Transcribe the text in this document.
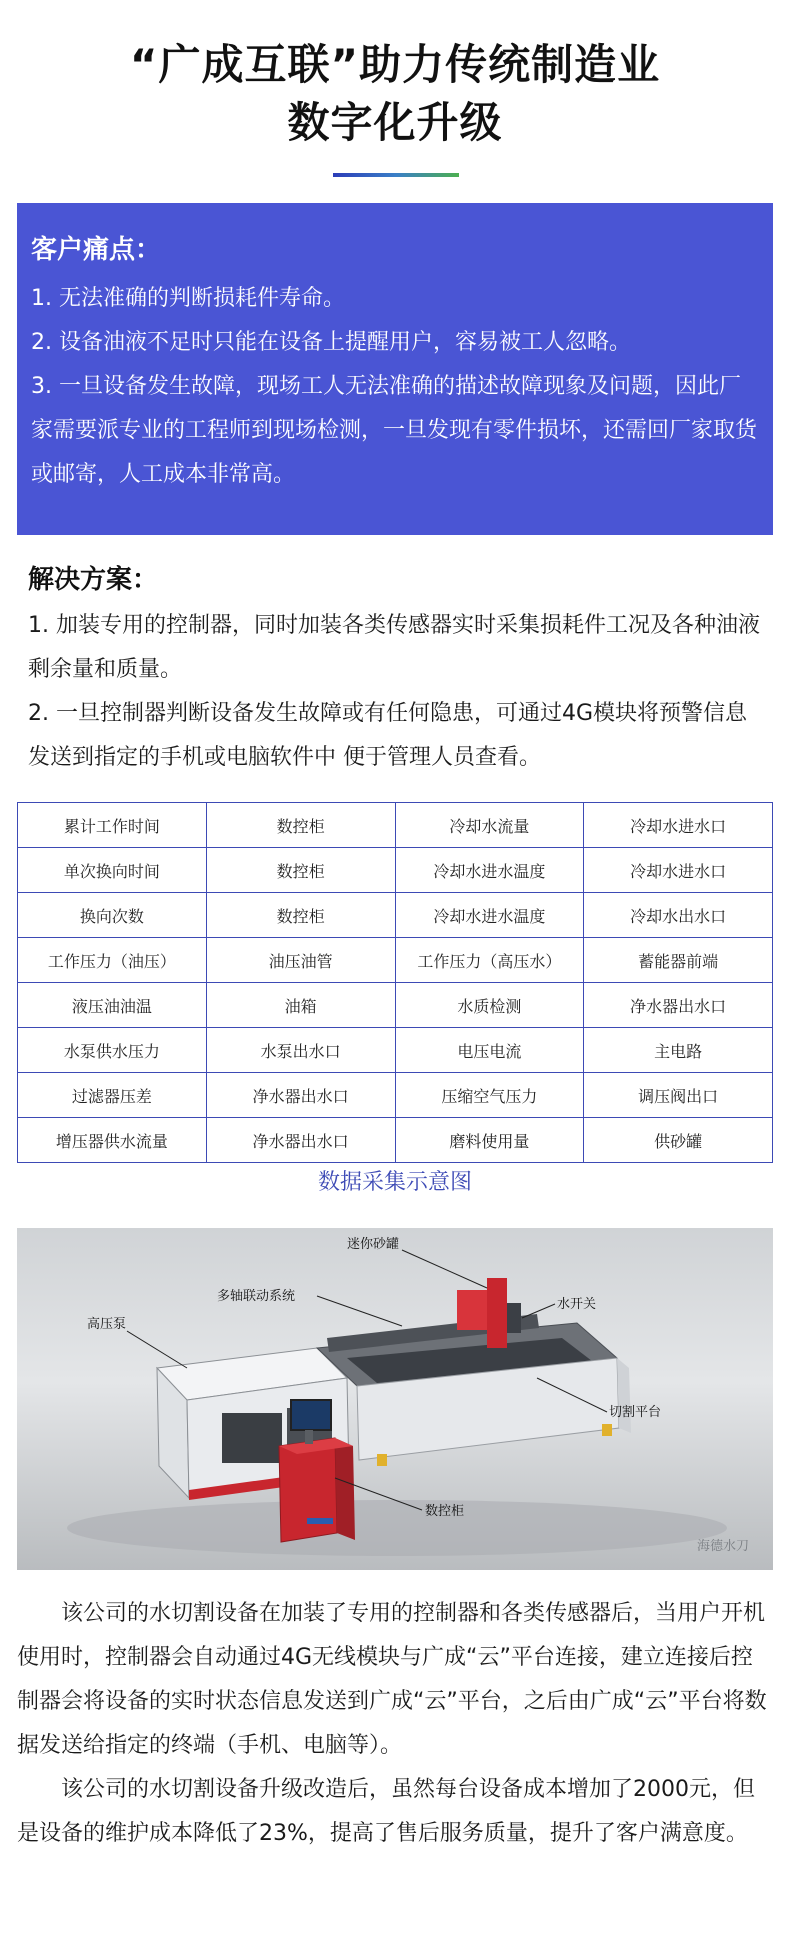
“广成互联”助力传统制造业
数字化升级
客户痛点：
1. 无法准确的判断损耗件寿命。
2. 设备油液不足时只能在设备上提醒用户，容易被工人忽略。
3. 一旦设备发生故障，现场工人无法准确的描述故障现象及问题，因此厂家需要派专业的工程师到现场检测，一旦发现有零件损坏，还需回厂家取货或邮寄，人工成本非常高。
解决方案：
1. 加装专用的控制器，同时加装各类传感器实时采集损耗件工况及各种油液剩余量和质量。
2. 一旦控制器判断设备发生故障或有任何隐患，可通过4G模块将预警信息发送到指定的手机或电脑软件中 便于管理人员查看。
累计工作时间	数控柜	冷却水流量	冷却水进水口
单次换向时间	数控柜	冷却水进水温度	冷却水进水口
换向次数	数控柜	冷却水进水温度	冷却水出水口
工作压力（油压）	油压油管	工作压力（高压水）	蓄能器前端
液压油油温	油箱	水质检测	净水器出水口
水泵供水压力	水泵出水口	电压电流	主电路
过滤器压差	净水器出水口	压缩空气压力	调压阀出口
增压器供水流量	净水器出水口	磨料使用量	供砂罐
数据采集示意图
迷你砂罐
多轴联动系统
水开关
高压泵
切割平台
数控柜
海德水刀
该公司的水切割设备在加装了专用的控制器和各类传感器后，当用户开机使用时，控制器会自动通过4G无线模块与广成“云”平台连接，建立连接后控制器会将设备的实时状态信息发送到广成“云”平台，之后由广成“云”平台将数据发送给指定的终端（手机、电脑等）。
该公司的水切割设备升级改造后，虽然每台设备成本增加了2000元，但是设备的维护成本降低了23%，提高了售后服务质量，提升了客户满意度。
